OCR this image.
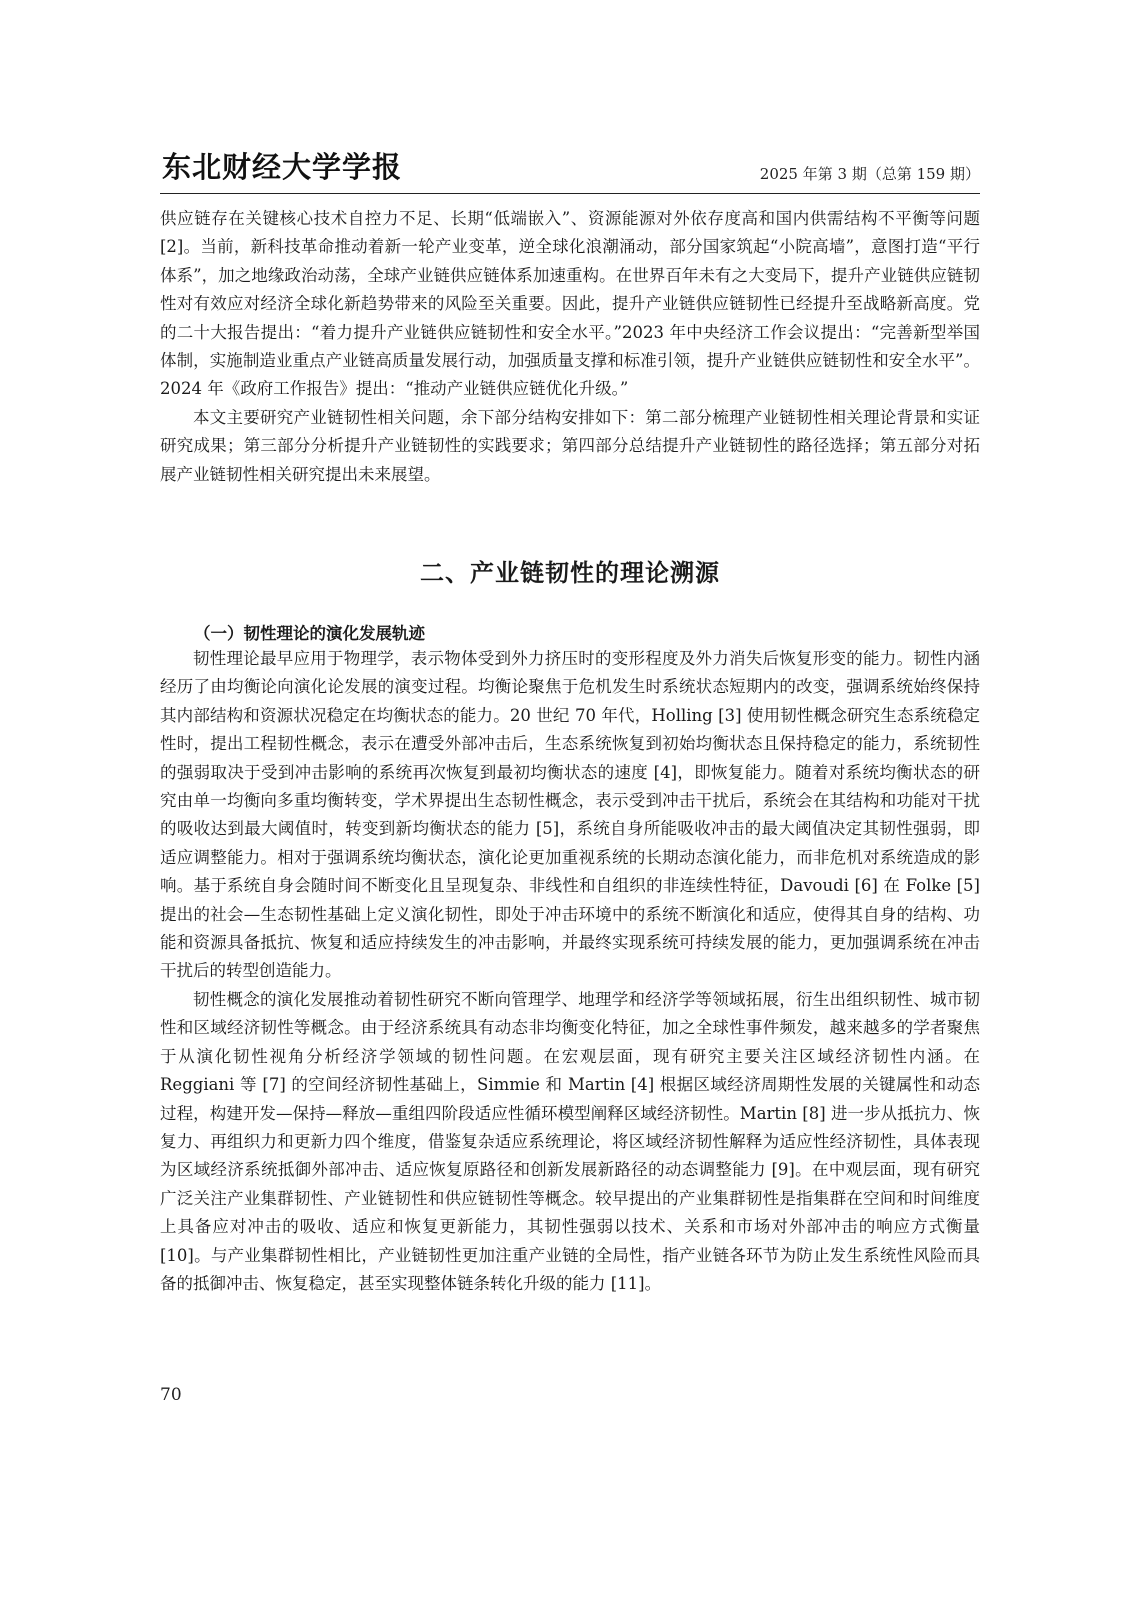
东北财经大学学报	2025 年第 3 期（总第 159 期）

供应链存在关键核心技术自控力不足、长期“低端嵌入”、资源能源对外依存度高和国内供需结构不平衡等问题 [2]。当前，新科技革命推动着新一轮产业变革，逆全球化浪潮涌动，部分国家筑起“小院高墙”，意图打造“平行体系”，加之地缘政治动荡，全球产业链供应链体系加速重构。在世界百年未有之大变局下，提升产业链供应链韧性对有效应对经济全球化新趋势带来的风险至关重要。因此，提升产业链供应链韧性已经提升至战略新高度。党的二十大报告提出：“着力提升产业链供应链韧性和安全水平。”2023 年中央经济工作会议提出：“完善新型举国体制，实施制造业重点产业链高质量发展行动，加强质量支撑和标准引领，提升产业链供应链韧性和安全水平”。2024 年《政府工作报告》提出：“推动产业链供应链优化升级。”

本文主要研究产业链韧性相关问题，余下部分结构安排如下：第二部分梳理产业链韧性相关理论背景和实证研究成果；第三部分分析提升产业链韧性的实践要求；第四部分总结提升产业链韧性的路径选择；第五部分对拓展产业链韧性相关研究提出未来展望。

二、产业链韧性的理论溯源
（一）韧性理论的演化发展轨迹

韧性理论最早应用于物理学，表示物体受到外力挤压时的变形程度及外力消失后恢复形变的能力。韧性内涵经历了由均衡论向演化论发展的演变过程。均衡论聚焦于危机发生时系统状态短期内的改变，强调系统始终保持其内部结构和资源状况稳定在均衡状态的能力。20 世纪 70 年代，Holling [3] 使用韧性概念研究生态系统稳定性时，提出工程韧性概念，表示在遭受外部冲击后，生态系统恢复到初始均衡状态且保持稳定的能力，系统韧性的强弱取决于受到冲击影响的系统再次恢复到最初均衡状态的速度 [4]，即恢复能力。随着对系统均衡状态的研究由单一均衡向多重均衡转变，学术界提出生态韧性概念，表示受到冲击干扰后，系统会在其结构和功能对干扰的吸收达到最大阈值时，转变到新均衡状态的能力 [5]，系统自身所能吸收冲击的最大阈值决定其韧性强弱，即适应调整能力。相对于强调系统均衡状态，演化论更加重视系统的长期动态演化能力，而非危机对系统造成的影响。基于系统自身会随时间不断变化且呈现复杂、非线性和自组织的非连续性特征，Davoudi [6] 在 Folke [5] 提出的社会—生态韧性基础上定义演化韧性，即处于冲击环境中的系统不断演化和适应，使得其自身的结构、功能和资源具备抵抗、恢复和适应持续发生的冲击影响，并最终实现系统可持续发展的能力，更加强调系统在冲击干扰后的转型创造能力。

韧性概念的演化发展推动着韧性研究不断向管理学、地理学和经济学等领域拓展，衍生出组织韧性、城市韧性和区域经济韧性等概念。由于经济系统具有动态非均衡变化特征，加之全球性事件频发，越来越多的学者聚焦于从演化韧性视角分析经济学领域的韧性问题。在宏观层面，现有研究主要关注区域经济韧性内涵。在 Reggiani 等 [7] 的空间经济韧性基础上，Simmie 和 Martin [4] 根据区域经济周期性发展的关键属性和动态过程，构建开发—保持—释放—重组四阶段适应性循环模型阐释区域经济韧性。Martin [8] 进一步从抵抗力、恢复力、再组织力和更新力四个维度，借鉴复杂适应系统理论，将区域经济韧性解释为适应性经济韧性，具体表现为区域经济系统抵御外部冲击、适应恢复原路径和创新发展新路径的动态调整能力 [9]。在中观层面，现有研究广泛关注产业集群韧性、产业链韧性和供应链韧性等概念。较早提出的产业集群韧性是指集群在空间和时间维度上具备应对冲击的吸收、适应和恢复更新能力，其韧性强弱以技术、关系和市场对外部冲击的响应方式衡量 [10]。与产业集群韧性相比，产业链韧性更加注重产业链的全局性，指产业链各环节为防止发生系统性风险而具备的抵御冲击、恢复稳定，甚至实现整体链条转化升级的能力 [11]。

70
